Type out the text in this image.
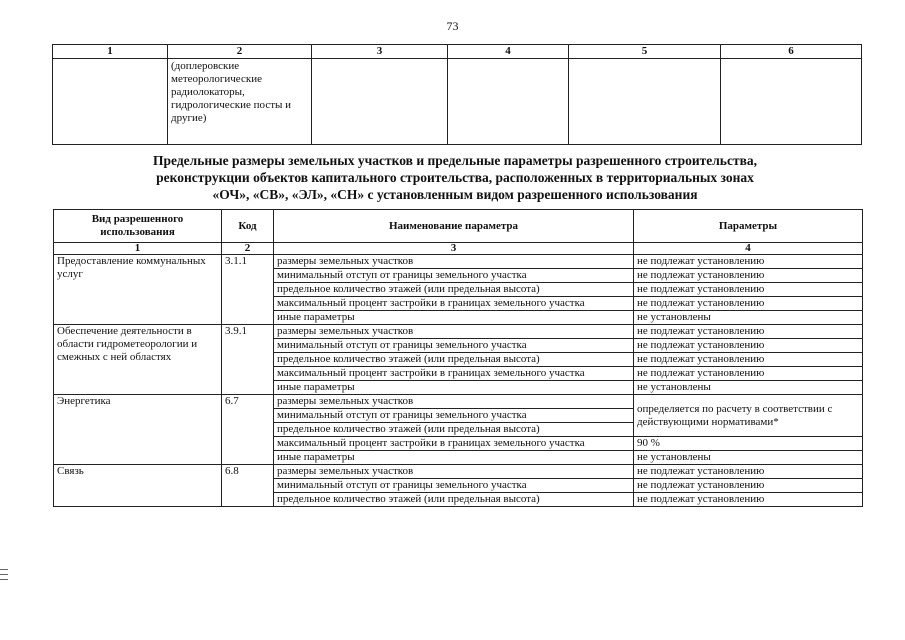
73
1	2	3	4	5	6
	(доплеровские метеорологические радиолокаторы, гидрологические посты и другие)				
Предельные размеры земельных участков и предельные параметры разрешенного строительства,
реконструкции объектов капитального строительства, расположенных в территориальных зонах
«ОЧ», «СВ», «ЭЛ», «СН» с установленным видом разрешенного использования
Вид разрешенного использования	Код	Наименование параметра	Параметры
1	2	3	4
Предоставление коммунальных услуг	3.1.1	размеры земельных участков	не подлежат установлению
		минимальный отступ от границы земельного участка	не подлежат установлению
		предельное количество этажей (или предельная высота)	не подлежат установлению
		максимальный процент застройки в границах земельного участка	не подлежат установлению
		иные параметры	не установлены
Обеспечение деятельности в области гидрометеорологии и смежных с ней областях	3.9.1	размеры земельных участков	не подлежат установлению
		минимальный отступ от границы земельного участка	не подлежат установлению
		предельное количество этажей (или предельная высота)	не подлежат установлению
		максимальный процент застройки в границах земельного участка	не подлежат установлению
		иные параметры	не установлены
Энергетика	6.7	размеры земельных участков	определяется по расчету в соответствии с действующими нормативами*
		минимальный отступ от границы земельного участка	
		предельное количество этажей (или предельная высота)	
		максимальный процент застройки в границах земельного участка	90 %
		иные параметры	не установлены
Связь	6.8	размеры земельных участков	не подлежат установлению
		минимальный отступ от границы земельного участка	не подлежат установлению
		предельное количество этажей (или предельная высота)	не подлежат установлению
